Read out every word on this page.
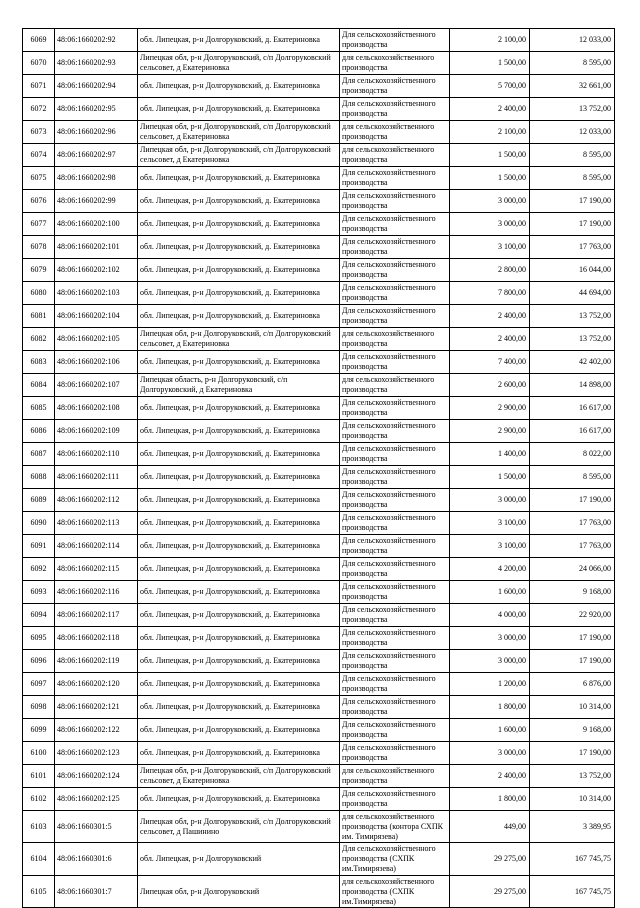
6069	48:06:1660202:92	обл. Липецкая, р-н Долгоруковский, д. Екатериновка	Для сельскохозяйственного производства	2 100,00	12 033,00
6070	48:06:1660202:93	Липецкая обл, р-н Долгоруковский, с/п Долгоруковский сельсовет, д Екатериновка	для сельскохозяйственного производства	1 500,00	8 595,00
6071	48:06:1660202:94	обл. Липецкая, р-н Долгоруковский, д. Екатериновка	Для сельскохозяйственного производства	5 700,00	32 661,00
6072	48:06:1660202:95	обл. Липецкая, р-н Долгоруковский, д. Екатериновка	Для сельскохозяйственного производства	2 400,00	13 752,00
6073	48:06:1660202:96	Липецкая обл, р-н Долгоруковский, с/п Долгоруковский сельсовет, д Екатериновка	для сельскохозяйственного производства	2 100,00	12 033,00
6074	48:06:1660202:97	Липецкая обл, р-н Долгоруковский, с/п Долгоруковский сельсовет, д Екатериновка	для сельскохозяйственного производства	1 500,00	8 595,00
6075	48:06:1660202:98	обл. Липецкая, р-н Долгоруковский, д. Екатериновка	Для сельскохозяйственного производства	1 500,00	8 595,00
6076	48:06:1660202:99	обл. Липецкая, р-н Долгоруковский, д. Екатериновка	Для сельскохозяйственного производства	3 000,00	17 190,00
6077	48:06:1660202:100	обл. Липецкая, р-н Долгоруковский, д. Екатериновка	Для сельскохозяйственного производства	3 000,00	17 190,00
6078	48:06:1660202:101	обл. Липецкая, р-н Долгоруковский, д. Екатериновка	Для сельскохозяйственного производства	3 100,00	17 763,00
6079	48:06:1660202:102	обл. Липецкая, р-н Долгоруковский, д. Екатериновка	Для сельскохозяйственного производства	2 800,00	16 044,00
6080	48:06:1660202:103	обл. Липецкая, р-н Долгоруковский, д. Екатериновка	Для сельскохозяйственного производства	7 800,00	44 694,00
6081	48:06:1660202:104	обл. Липецкая, р-н Долгоруковский, д. Екатериновка	Для сельскохозяйственного производства	2 400,00	13 752,00
6082	48:06:1660202:105	Липецкая обл, р-н Долгоруковский, с/п Долгоруковский сельсовет, д Екатериновка	для сельскохозяйственного производства	2 400,00	13 752,00
6083	48:06:1660202:106	обл. Липецкая, р-н Долгоруковский, д. Екатериновка	Для сельскохозяйственного производства	7 400,00	42 402,00
6084	48:06:1660202:107	Липецкая область, р-н Долгоруковский, с/п Долгоруковский, д Екатериновка	для сельскохозяйственного производства	2 600,00	14 898,00
6085	48:06:1660202:108	обл. Липецкая, р-н Долгоруковский, д. Екатериновка	Для сельскохозяйственного производства	2 900,00	16 617,00
6086	48:06:1660202:109	обл. Липецкая, р-н Долгоруковский, д. Екатериновка	Для сельскохозяйственного производства	2 900,00	16 617,00
6087	48:06:1660202:110	обл. Липецкая, р-н Долгоруковский, д. Екатериновка	Для сельскохозяйственного производства	1 400,00	8 022,00
6088	48:06:1660202:111	обл. Липецкая, р-н Долгоруковский, д. Екатериновка	Для сельскохозяйственного производства	1 500,00	8 595,00
6089	48:06:1660202:112	обл. Липецкая, р-н Долгоруковский, д. Екатериновка	Для сельскохозяйственного производства	3 000,00	17 190,00
6090	48:06:1660202:113	обл. Липецкая, р-н Долгоруковский, д. Екатериновка	Для сельскохозяйственного производства	3 100,00	17 763,00
6091	48:06:1660202:114	обл. Липецкая, р-н Долгоруковский, д. Екатериновка	Для сельскохозяйственного производства	3 100,00	17 763,00
6092	48:06:1660202:115	обл. Липецкая, р-н Долгоруковский, д. Екатериновка	Для сельскохозяйственного производства	4 200,00	24 066,00
6093	48:06:1660202:116	обл. Липецкая, р-н Долгоруковский, д. Екатериновка	Для сельскохозяйственного производства	1 600,00	9 168,00
6094	48:06:1660202:117	обл. Липецкая, р-н Долгоруковский, д. Екатериновка	Для сельскохозяйственного производства	4 000,00	22 920,00
6095	48:06:1660202:118	обл. Липецкая, р-н Долгоруковский, д. Екатериновка	Для сельскохозяйственного производства	3 000,00	17 190,00
6096	48:06:1660202:119	обл. Липецкая, р-н Долгоруковский, д. Екатериновка	Для сельскохозяйственного производства	3 000,00	17 190,00
6097	48:06:1660202:120	обл. Липецкая, р-н Долгоруковский, д. Екатериновка	Для сельскохозяйственного производства	1 200,00	6 876,00
6098	48:06:1660202:121	обл. Липецкая, р-н Долгоруковский, д. Екатериновка	Для сельскохозяйственного производства	1 800,00	10 314,00
6099	48:06:1660202:122	обл. Липецкая, р-н Долгоруковский, д. Екатериновка	Для сельскохозяйственного производства	1 600,00	9 168,00
6100	48:06:1660202:123	обл. Липецкая, р-н Долгоруковский, д. Екатериновка	Для сельскохозяйственного производства	3 000,00	17 190,00
6101	48:06:1660202:124	Липецкая обл, р-н Долгоруковский, с/п Долгоруковский сельсовет, д Екатериновка	для сельскохозяйственного производства	2 400,00	13 752,00
6102	48:06:1660202:125	обл. Липецкая, р-н Долгоруковский, д. Екатериновка	Для сельскохозяйственного производства	1 800,00	10 314,00
6103	48:06:1660301:5	Липецкая обл, р-н Долгоруковский, с/п Долгоруковский сельсовет, д Пашинино	для сельскохозяйственного производства (контора СХПК им. Тимирязева)	449,00	3 389,95
6104	48:06:1660301:6	обл. Липецкая, р-н Долгоруковский	Для сельскохозяйственного производства (СХПК им.Тимирязева)	29 275,00	167 745,75
6105	48:06:1660301:7	Липецкая обл, р-н Долгоруковский	для сельскохозяйственного производства (СХПК им.Тимирязева)	29 275,00	167 745,75
